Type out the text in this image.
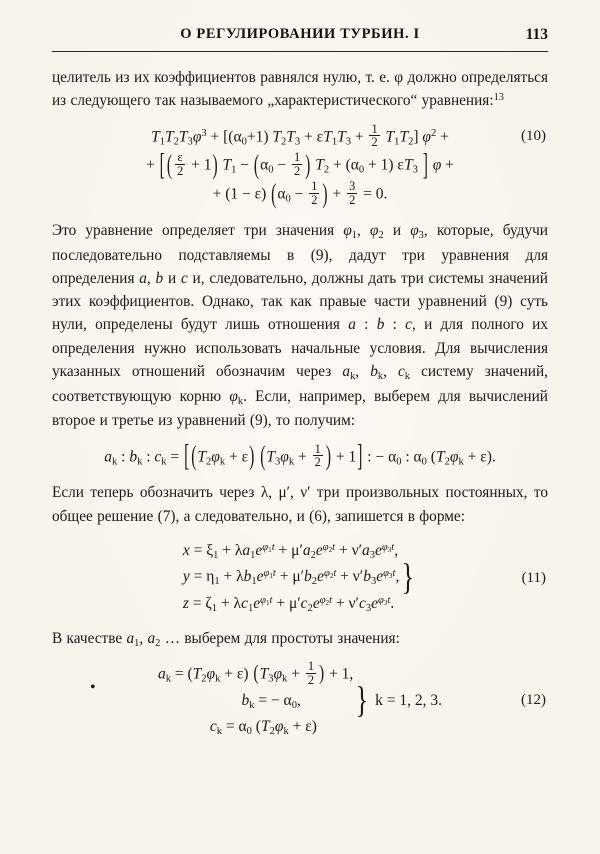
О РЕГУЛИРОВАНИИ ТУРБИН. I	113

целитель из их коэффициентов равнялся нулю, т. е. φ должно определяться из следующего так называемого „характеристического“ уравнения:$^{13}$

(10)
$T_1T_2T_3\varphi^3 + [(\alpha_0+1) T_2T_3 + \varepsilon T_1T_3 + \frac{1}{2} T_1T_2] \varphi^2$ +
+ [ ( $\frac{\varepsilon}{2} + 1$) $T_1 - (\alpha_0 - \frac{1}{2}$ ) $T_2 + (\alpha_0 + 1)$ $\varepsilon T_3$ ] φ +
+ (1 − ε) ($\alpha_0 - \frac{1}{2}$ ) + $\frac{3}{2} = 0$.

Это уравнение определяет три значения $\varphi_1$, $\varphi_2$ и $\varphi_3$, которые, будучи последовательно подставляемы в (9), дадут три уравнения для определения a, b и c и, следовательно, должны дать три системы значений этих коэффициентов. Однако, так как правые части уравнений (9) суть нули, определены будут лишь отношения a : b : c, и для полного их определения нужно использовать начальные условия. Для вычисления указанных отношений обозначим через $a_k$, $b_k$, $c_k$ систему значений, соответствующую корню $\varphi_k$. Если, например, выберем для вычислений второе и третье из уравнений (9), то получим:

$a_k$ : $b_k$ : $c_k$ = [ $(T_2\varphi_k + \varepsilon) (T_3\varphi_k + \frac{1}{2}$ ) + 1] : − $\alpha_0$ : $\alpha_0$ $(T_2\varphi_k + \varepsilon)$.

Если теперь обозначить через λ, μ′, ν′ три произвольных постоянных, то общее решение (7), а следовательно, и (6), запишется в форме:

(11)
$x = \xi_1 + \lambda a_1e^{\varphi_1t} + \mu'a_2e^{\varphi_2t} + \nu'a_3e^{\varphi_3t}$,
$y = \eta_1 + \lambda b_1e^{\varphi_1t} + \mu'b_2e^{\varphi_2t} + \nu'b_3e^{\varphi_3t}$,
$z = \zeta_1 + \lambda c_1e^{\varphi_1t} + \mu'c_2e^{\varphi_2t} + \nu'c_3e^{\varphi_3t}$.
}

В качестве $a_1$, $a_2$ … выберем для простоты значения:

•
(12)
$a_k = (T_2\varphi_k + \varepsilon) (T_3\varphi_k + \frac{1}{2}$ ) + 1,
$b_k$ = − $\alpha_0$,
$c_k = \alpha_0$ $(T_2\varphi_k + \varepsilon)$
} k = 1, 2, 3.
